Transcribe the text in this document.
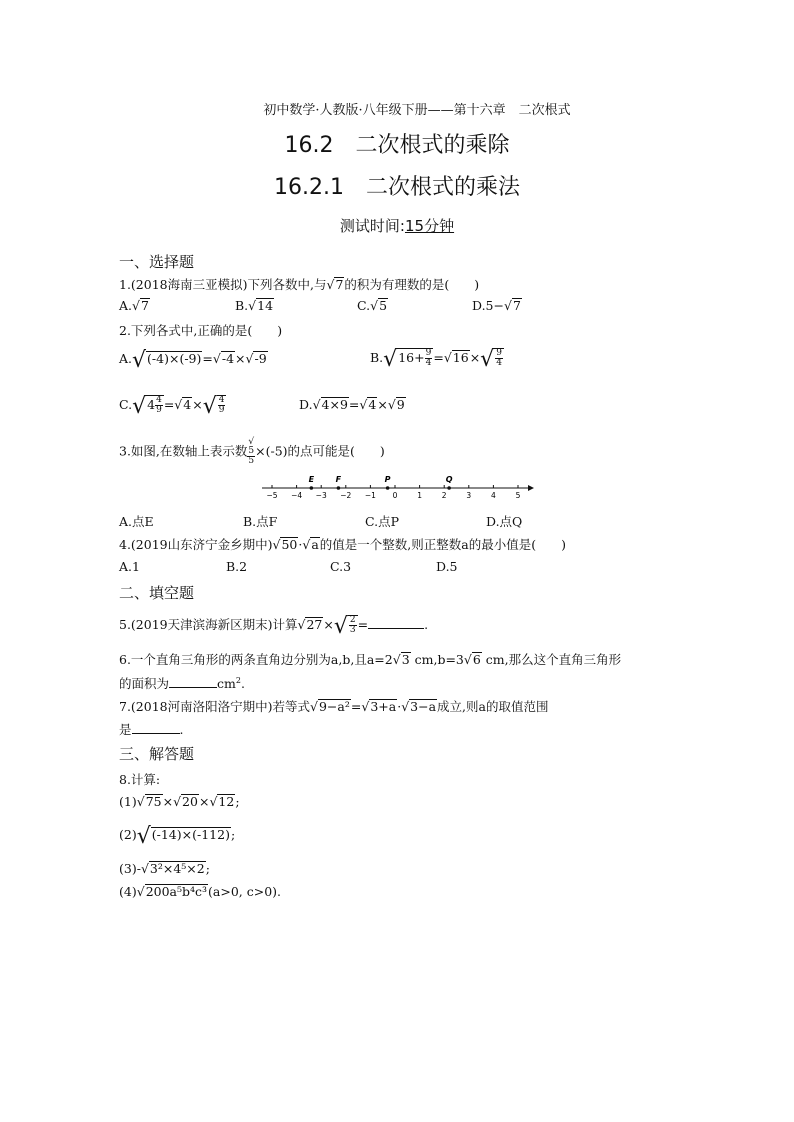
初中数学·人教版·八年级下册——第十六章　二次根式
16.2　二次根式的乘除
16.2.1　二次根式的乘法
测试时间:15分钟
一、选择题
1.(2018海南三亚模拟)下列各数中,与√7的积为有理数的是(　　)
A.√7	B.√14	C.√5	D.5−√7
2.下列各式中,正确的是(　　)
A.√(-4)×(-9)=√-4×√-9	$B.√16+ \frac{9}{4} =√16\times√ \frac{9}{4}$
$C.√4 \frac{4}{9} =√4\times√ \frac{4}{9}$	D.√4×9=√4×√9
3.如图,在数轴上表示数 √
5
5 ×(-5)的点可能是(　　)
−5 −4 −3 −2 −1 0	1	2	3	4	5
E	F	P	Q
A.点E	B.点F	C.点P	D.点Q
4.(2019山东济宁金乡期中)√50·√a的值是一个整数,则正整数a的最小值是(　　)
A.1	B.2	C.3	D.5
二、填空题
5.(2019天津滨海新区期末)计算$√27\times√ \frac{2}{3}$ =	.
6.一个直角三角形的两条直角边分别为a,b,且a=2√3 cm,b=3√6 cm,那么这个直角三角形
的面积为	$cm^2$.
7.(2018河南洛阳洛宁期中)若等式√9−a²=√3+a·√3−a成立,则a的取值范围
是	.
三、解答题
8.计算:
(1)√75×√20×√12;
(2)√(-14)×(-112);
(3)-√3²×4⁵×2;
(4)√200a⁵b⁴c³(a>0, c>0).
